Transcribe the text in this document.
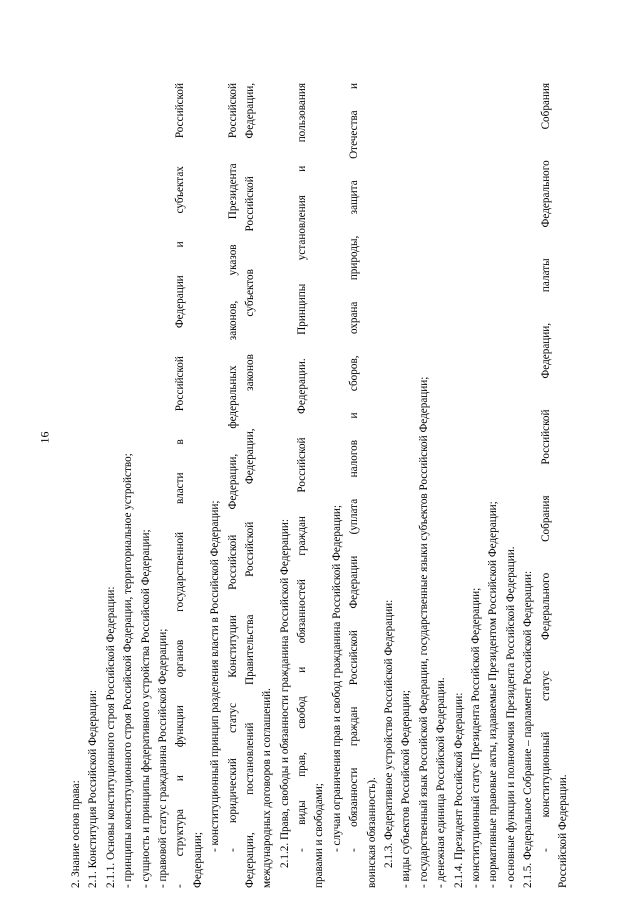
16
2. Знание основ права: 2.1. Конституция Российской Федерации: 2.1.1. Основы конституционного строя Российской Федерации: - принципы конституционного строя Российской Федерации, территориальное устройство; - сущность и принципы федеративного устройства Российской Федерации; - правовой статус гражданина Российской Федерации; - структура и функции органов государственной власти в Российской Федерации и субъектах Российской Федерации;
- конституционный принцип разделения власти в Российской Федерации; - юридический статус Конституции Российской Федерации, федеральных законов, указов Президента Российской Федерации, постановлений Правительства Российской Федерации, законов субъектов Российской Федерации, международных договоров и соглашений. 2.1.2. Права, свободы и обязанности гражданина Российской Федерации: - виды прав, свобод и обязанностей граждан Российской Федерации. Принципы установления и пользования правами и свободами; - случаи ограничения прав и свобод гражданина Российской Федерации; - обязанности граждан Российской Федерации (уплата налогов и сборов, охрана природы, защита Отечества и воинская обязанность). 2.1.3. Федеративное устройство Российской Федерации: - виды субъектов Российской Федерации; - государственный язык Российской Федерации, государственные языки субъектов Российской Федерации; - денежная единица Российской Федерации. 2.1.4. Президент Российской Федерации: - конституционный статус Президента Российской Федерации; - нормативные правовые акты, издаваемые Президентом Российской Федерации; - основные функции и полномочия Президента Российской Федерации. 2.1.5. Федеральное Собрание – парламент Российской Федерации: - конституционный статус Федерального Собрания Российской Федерации, палаты Федерального Собрания Российской Федерации.
